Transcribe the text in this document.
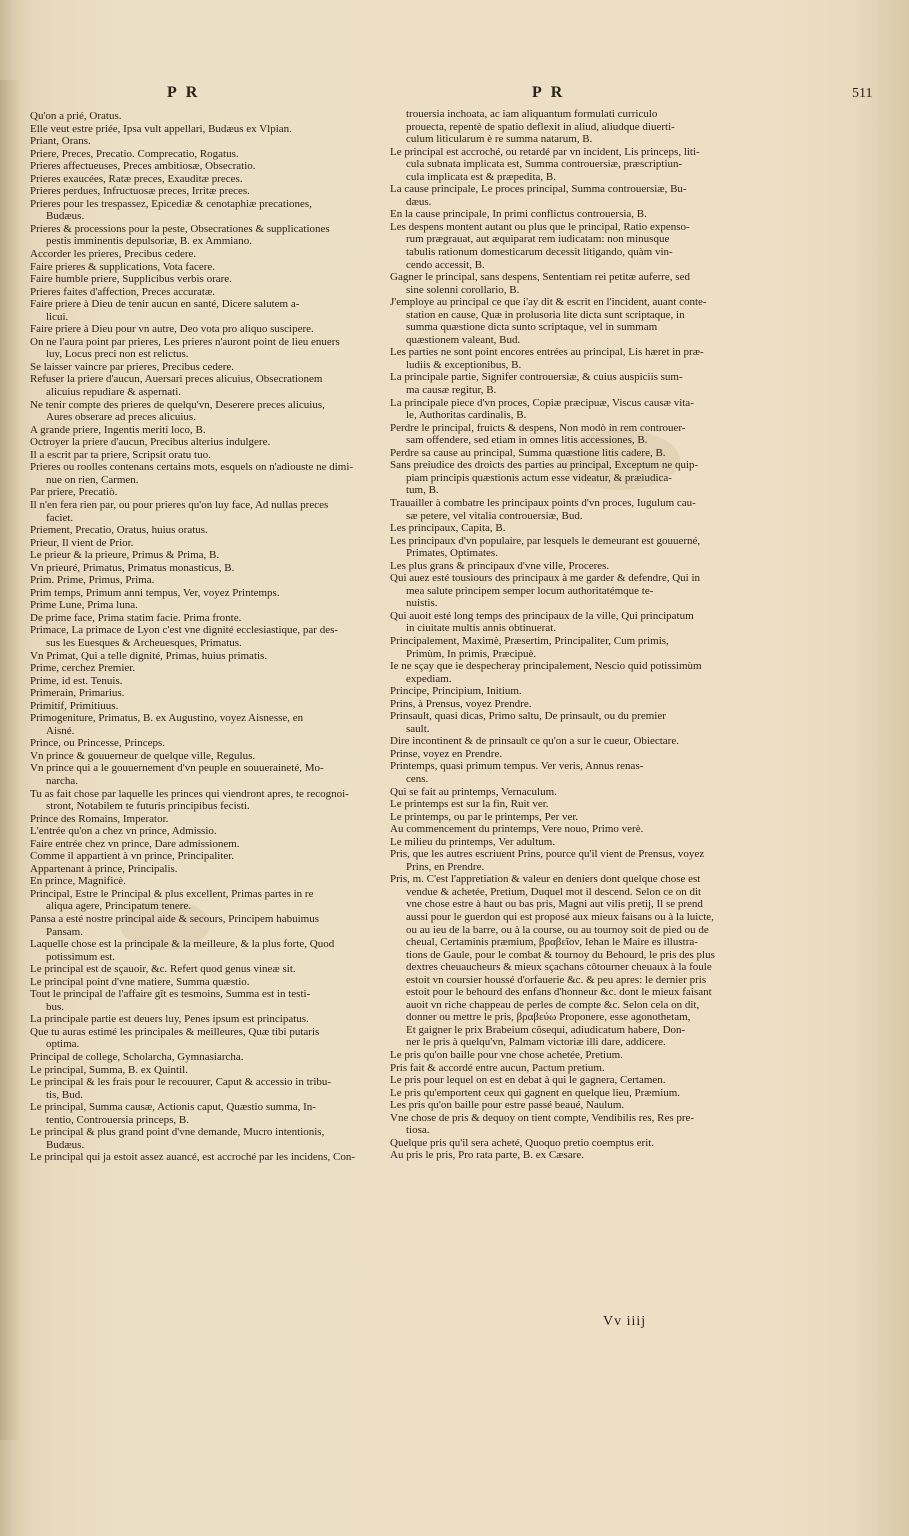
PR	PR	511
Qu'on a prié, Oratus.
Elle veut estre priée, Ipsa vult appellari, Budæus ex Vlpian.
Priant, Orans.
Priere, Preces, Precatio. Comprecatio, Rogatus.
Prieres affectueuses, Preces ambitiosæ, Obsecratio.
Prieres exaucées, Ratæ preces, Exauditæ preces.
Prieres perdues, Infructuosæ preces, Irritæ preces.
Prieres pour les trespassez, Epicediæ & cenotaphiæ precationes,
Budæus.
Prieres & processions pour la peste, Obsecrationes & supplicationes
pestis imminentis depulsoriæ, B. ex Ammiano.
Accorder les prieres, Precibus cedere.
Faire prieres & supplications, Vota facere.
Faire humble priere, Supplicibus verbis orare.
Prieres faites d'affection, Preces accuratæ.
Faire priere à Dieu de tenir aucun en santé, Dicere salutem a-
licui.
Faire priere à Dieu pour vn autre, Deo vota pro aliquo suscipere.
On ne l'aura point par prieres, Les prieres n'auront point de lieu enuers
luy, Locus preci non est relictus.
Se laisser vaincre par prieres, Precibus cedere.
Refuser la priere d'aucun, Auersari preces alicuius, Obsecrationem
alicuius repudiare & aspernati.
Ne tenir compte des prieres de quelqu'vn, Deserere preces alicuius,
Aures obserare ad preces alicuius.
A grande priere, Ingentis meriti loco, B.
Octroyer la priere d'aucun, Precibus alterius indulgere.
Il a escrit par ta priere, Scripsit oratu tuo.
Prieres ou roolles contenans certains mots, esquels on n'adiouste ne dimi-
nue on rien, Carmen.
Par priere, Precatiò.
Il n'en fera rien par, ou pour prieres qu'on luy face, Ad nullas preces
faciet.
Priement, Precatio, Oratus, huius oratus.
Prieur, Il vient de Prior.
Le prieur & la prieure, Primus & Prima, B.
Vn prieuré, Primatus, Primatus monasticus, B.
Prim. Prime, Primus, Prima.
Prim temps, Primum anni tempus, Ver, voyez Printemps.
Prime Lune, Prima luna.
De prime face, Prima statim facie. Prima fronte.
Primace, La primace de Lyon c'est vne dignité ecclesiastique, par des-
sus les Euesques & Archeuesques, Primatus.
Vn Primat, Qui a telle dignité, Primas, huius primatis.
Prime, cerchez Premier.
Prime, id est. Tenuis.
Primerain, Primarius.
Primitif, Primitiuus.
Primogeniture, Primatus, B. ex Augustino, voyez Aisnesse, en
Aisné.
Prince, ou Princesse, Princeps.
Vn prince & gouuerneur de quelque ville, Regulus.
Vn prince qui a le gouuernement d'vn peuple en souueraineté, Mo-
narcha.
Tu as fait chose par laquelle les princes qui viendront apres, te recognoi-
stront, Notabilem te futuris principibus fecisti.
Prince des Romains, Imperator.
L'entrée qu'on a chez vn prince, Admissio.
Faire entrée chez vn prince, Dare admissionem.
Comme il appartient à vn prince, Principaliter.
Appartenant à prince, Principalis.
En prince, Magnificè.
Principal, Estre le Principal & plus excellent, Primas partes in re
aliqua agere, Principatum tenere.
Pansa a esté nostre principal aide & secours, Principem habuimus
Pansam.
Laquelle chose est la principale & la meilleure, & la plus forte, Quod
potissimum est.
Le principal est de sçauoir, &c. Refert quod genus vineæ sit.
Le principal point d'vne matiere, Summa quæstio.
Tout le principal de l'affaire gît es tesmoins, Summa est in testi-
bus.
La principale partie est deuers luy, Penes ipsum est principatus.
Que tu auras estimé les principales & meilleures, Quæ tibi putaris
optima.
Principal de college, Scholarcha, Gymnasiarcha.
Le principal, Summa, B. ex Quintil.
Le principal & les frais pour le recouurer, Caput & accessio in tribu-
tis, Bud.
Le principal, Summa causæ, Actionis caput, Quæstio summa, In-
tentio, Controuersia princeps, B.
Le principal & plus grand point d'vne demande, Mucro intentionis,
Budæus.
Le principal qui ja estoit assez auancé, est accroché par les incidens, Con-
trouersia inchoata, ac iam aliquantum formulati curriculo
prouecta, repentè de spatio deflexit in aliud, aliudque diuerti-
culum liticularum è re summa natarum, B.
Le principal est accroché, ou retardé par vn incident, Lis princeps, liti-
cula subnata implicata est, Summa controuersiæ, præscriptiun-
cula implicata est & præpedita, B.
La cause principale, Le proces principal, Summa controuersiæ, Bu-
dæus.
En la cause principale, In primi conflictus controuersia, B.
Les despens montent autant ou plus que le principal, Ratio expenso-
rum prægrauat, aut æquiparat rem iudicatam: non minusque
tabulis rationum domesticarum decessit litigando, quàm vin-
cendo accessit, B.
Gagner le principal, sans despens, Sententiam rei petitæ auferre, sed
sine solenni corollario, B.
J'employe au principal ce que i'ay dit & escrit en l'incident, auant conte-
station en cause, Quæ in prolusoria lite dicta sunt scriptaque, in
summa quæstione dicta sunto scriptaque, vel in summam
quæstionem valeant, Bud.
Les parties ne sont point encores entrées au principal, Lis hæret in præ-
ludiis & exceptionibus, B.
La principale partie, Signifer controuersiæ, & cuius auspiciis sum-
ma causæ regitur, B.
La principale piece d'vn proces, Copiæ præcipuæ, Viscus causæ vita-
le, Authoritas cardinalis, B.
Perdre le principal, fruicts & despens, Non modò in rem controuer-
sam offendere, sed etiam in omnes litis accessiones, B.
Perdre sa cause au principal, Summa quæstione litis cadere, B.
Sans preiudice des droicts des parties au principal, Exceptum ne quip-
piam principis quæstionis actum esse videatur, & præiudica-
tum, B.
Trauailler à combatre les principaux points d'vn proces, Iugulum cau-
sæ petere, vel vitalia controuersiæ, Bud.
Les principaux, Capita, B.
Les principaux d'vn populaire, par lesquels le demeurant est gouuerné,
Primates, Optimates.
Les plus grans & principaux d'vne ville, Proceres.
Qui auez esté tousiours des principaux à me garder & defendre, Qui in
mea salute principem semper locum authoritatémque te-
nuistis.
Qui auoit esté long temps des principaux de la ville, Qui principatum
in ciuitate multis annis obtinuerat.
Principalement, Maximè, Præsertim, Principaliter, Cum primis,
Primùm, In primis, Præcipuè.
Ie ne sçay que ie despecheray principalement, Nescio quid potissimùm
expediam.
Principe, Principium, Initium.
Prins, à Prensus, voyez Prendre.
Prinsault, quasi dicas, Primo saltu, De prinsault, ou du premier
sault.
Dire incontinent & de prinsault ce qu'on a sur le cueur, Obiectare.
Prinse, voyez en Prendre.
Printemps, quasi primum tempus. Ver veris, Annus renas-
cens.
Qui se fait au printemps, Vernaculum.
Le printemps est sur la fin, Ruit ver.
Le printemps, ou par le printemps, Per ver.
Au commencement du printemps, Vere nouo, Primo verè.
Le milieu du printemps, Ver adultum.
Pris, que les autres escriuent Prins, pource qu'il vient de Prensus, voyez
Prins, en Prendre.
Pris, m. C'est l'appretiation & valeur en deniers dont quelque chose est
vendue & achetée, Pretium, Duquel mot il descend. Selon ce on dit
vne chose estre à haut ou bas pris, Magni aut vilis pretij, Il se prend
aussi pour le guerdon qui est proposé aux mieux faisans ou à la luicte,
ou au ieu de la barre, ou à la course, ou au tournoy soit de pied ou de
cheual, Certaminis præmium, βραβεῖον, Iehan le Maire es illustra-
tions de Gaule, pour le combat & tournoy du Behourd, le pris des plus
dextres cheuaucheurs & mieux sçachans côtourner cheuaux à la foule
estoit vn coursier houssé d'orfauerie &c. & peu apres: le dernier pris
estoit pour le behourd des enfans d'honneur &c. dont le mieux faisant
auoit vn riche chappeau de perles de compte &c. Selon cela on dit,
donner ou mettre le pris, βραβεύω Proponere, esse agonothetam,
Et gaigner le prix Brabeium cõsequi, adiudicatum habere, Don-
ner le pris à quelqu'vn, Palmam victoriæ illi dare, addicere.
Le pris qu'on baille pour vne chose achetée, Pretium.
Pris fait & accordé entre aucun, Pactum pretium.
Le pris pour lequel on est en debat à qui le gagnera, Certamen.
Le pris qu'emportent ceux qui gagnent en quelque lieu, Præmium.
Les pris qu'on baille pour estre passé beaué, Naulum.
Vne chose de pris & dequoy on tient compte, Vendibilis res, Res pre-
tiosa.
Quelque pris qu'il sera acheté, Quoquo pretio coemptus erit.
Au pris le pris, Pro rata parte, B. ex Cæsare.
Vv iiij
